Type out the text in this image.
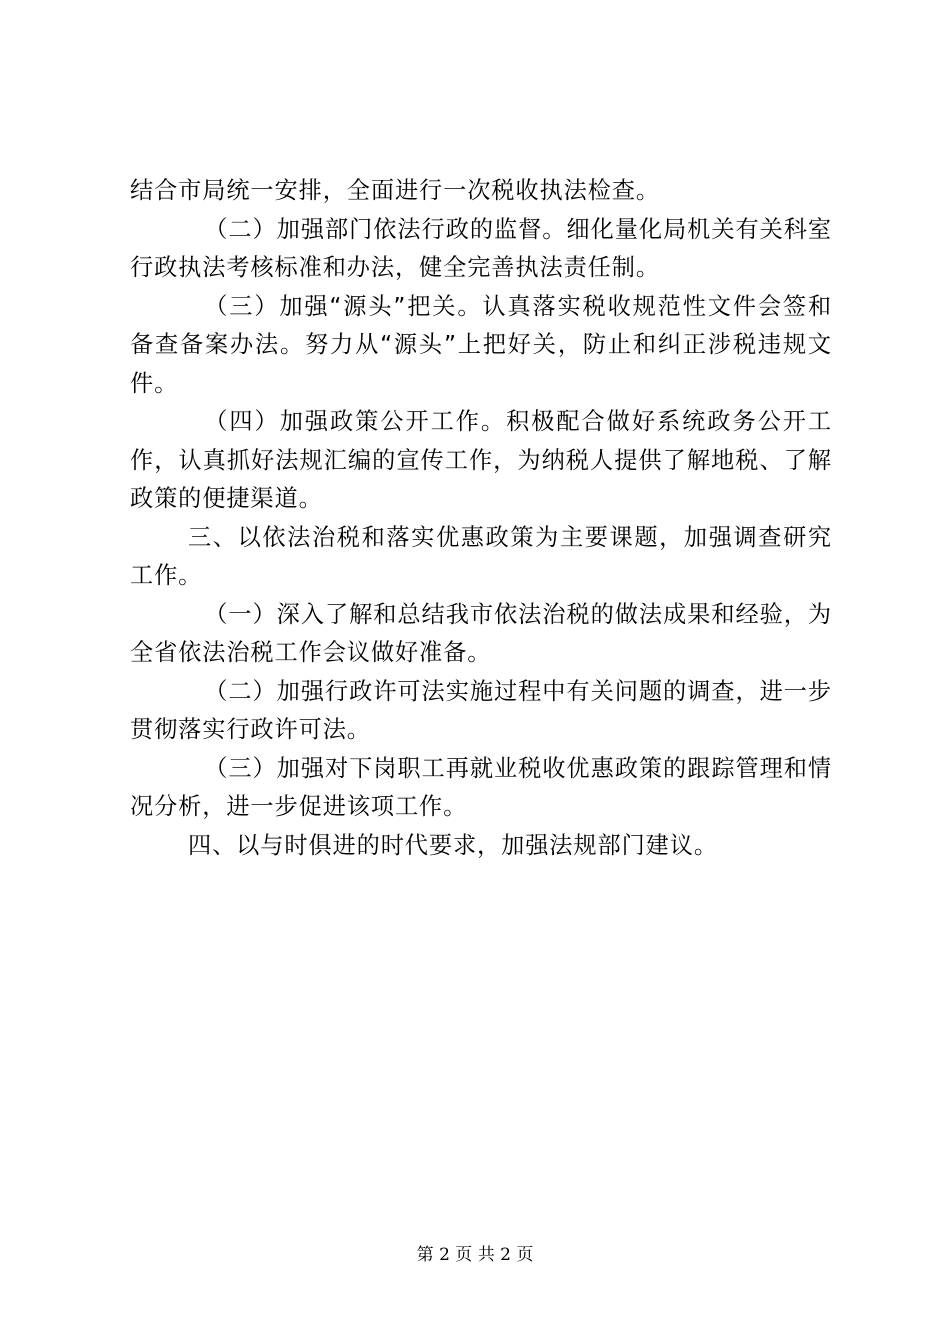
结合市局统一安排，全面进行一次税收执法检查。

（二）加强部门依法行政的监督。细化量化局机关有关科室行政执法考核标准和办法，健全完善执法责任制。

（三）加强“源头”把关。认真落实税收规范性文件会签和备查备案办法。努力从“源头”上把好关，防止和纠正涉税违规文件。

（四）加强政策公开工作。积极配合做好系统政务公开工作，认真抓好法规汇编的宣传工作，为纳税人提供了解地税、了解政策的便捷渠道。

三、以依法治税和落实优惠政策为主要课题，加强调查研究工作。

（一）深入了解和总结我市依法治税的做法成果和经验，为全省依法治税工作会议做好准备。

（二）加强行政许可法实施过程中有关问题的调查，进一步贯彻落实行政许可法。

（三）加强对下岗职工再就业税收优惠政策的跟踪管理和情况分析，进一步促进该项工作。

四、以与时俱进的时代要求，加强法规部门建议。

第 2 页 共 2 页
